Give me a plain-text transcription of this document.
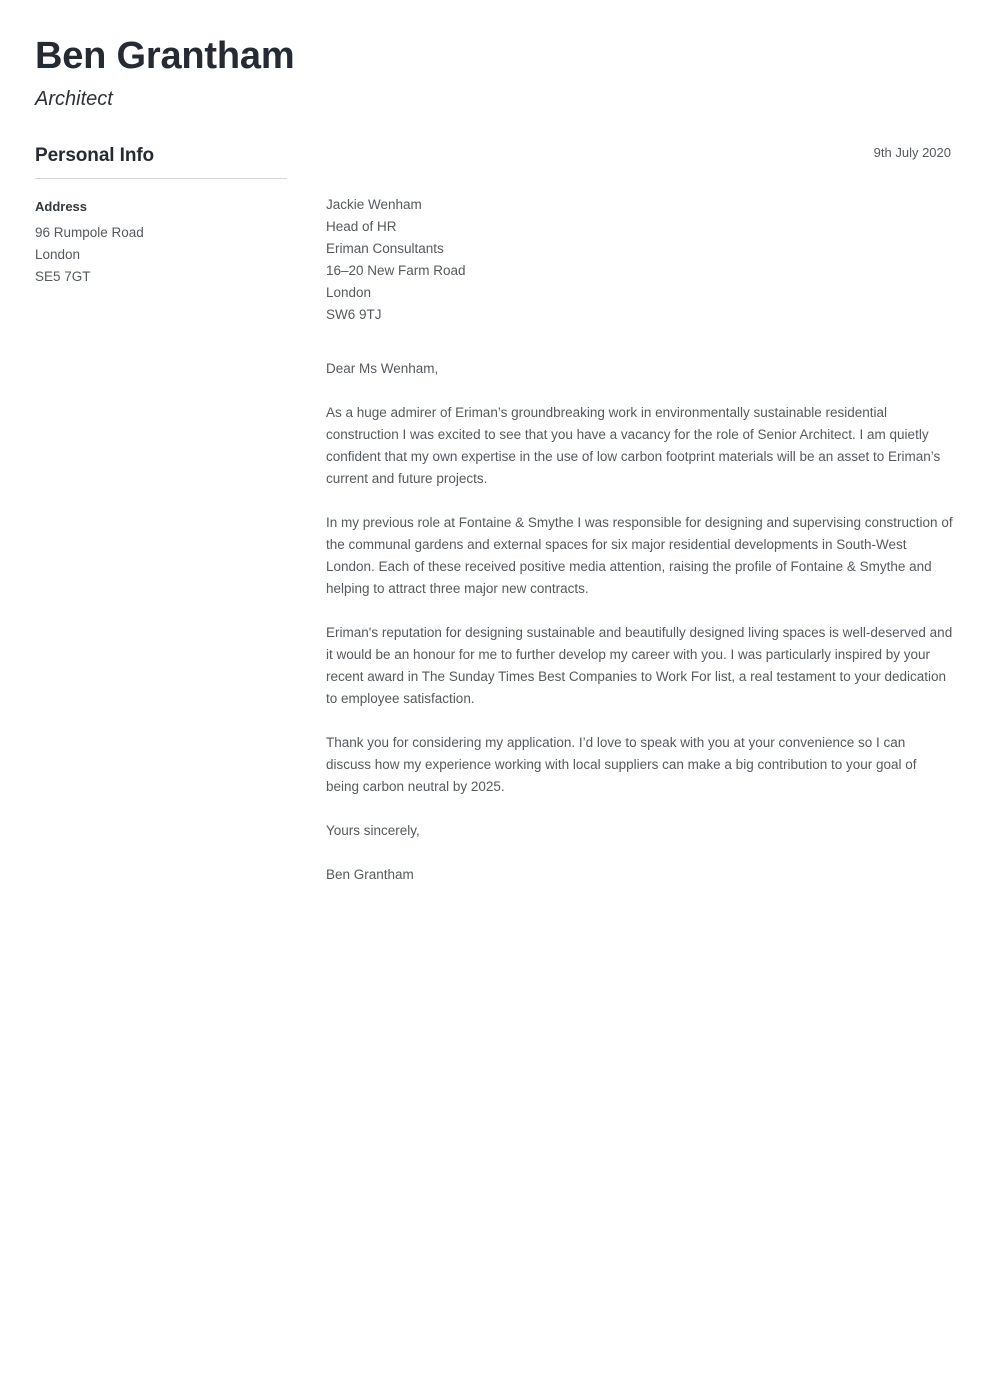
Ben Grantham
Architect
Personal Info
Address
96 Rumpole Road
London
SE5 7GT
9th July 2020
Jackie Wenham
Head of HR
Eriman Consultants
16–20 New Farm Road
London
SW6 9TJ
Dear Ms Wenham,

As a huge admirer of Eriman’s groundbreaking work in environmentally sustainable residential construction I was excited to see that you have a vacancy for the role of Senior Architect. I am quietly confident that my own expertise in the use of low carbon footprint materials will be an asset to Eriman’s current and future projects.

In my previous role at Fontaine & Smythe I was responsible for designing and supervising construction of the communal gardens and external spaces for six major residential developments in South-West London. Each of these received positive media attention, raising the profile of Fontaine & Smythe and helping to attract three major new contracts.

Eriman's reputation for designing sustainable and beautifully designed living spaces is well-deserved and it would be an honour for me to further develop my career with you. I was particularly inspired by your recent award in The Sunday Times Best Companies to Work For list, a real testament to your dedication to employee satisfaction.

Thank you for considering my application. I’d love to speak with you at your convenience so I can discuss how my experience working with local suppliers can make a big contribution to your goal of being carbon neutral by 2025.

Yours sincerely,
Ben Grantham
